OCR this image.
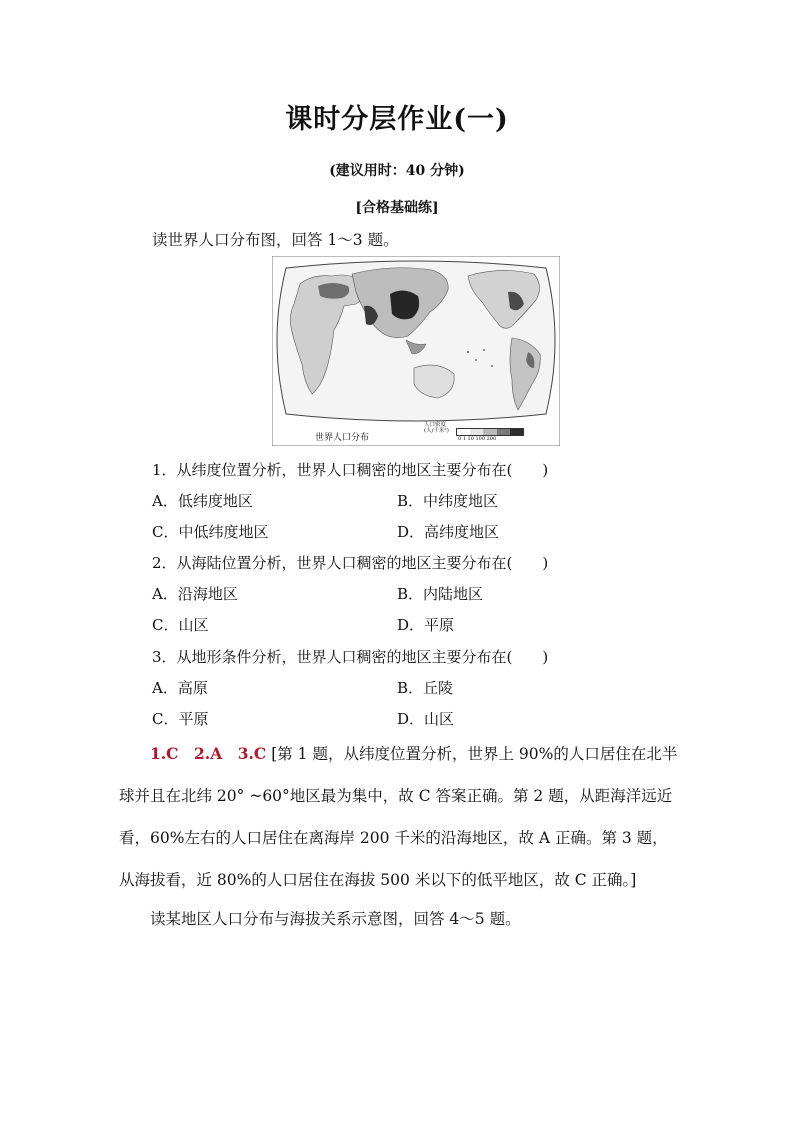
课时分层作业(一)
(建议用时：40 分钟)
[合格基础练]
读世界人口分布图，回答 1～3 题。
世界人口分布
人口密度
(人/千米²)
0 1 10 100 200
1．从纬度位置分析，世界人口稠密的地区主要分布在(　　)
A．低纬度地区	B．中纬度地区
C．中低纬度地区	D．高纬度地区
2．从海陆位置分析，世界人口稠密的地区主要分布在(　　)
A．沿海地区	B．内陆地区
C．山区	D．平原
3．从地形条件分析，世界人口稠密的地区主要分布在(　　)
A．高原	B．丘陵
C．平原	D．山区
1.C　2.A　3.C [第 1 题，从纬度位置分析，世界上 90%的人口居住在北半
球并且在北纬 20° ~60°地区最为集中，故 C 答案正确。第 2 题，从距海洋远近
看，60%左右的人口居住在离海岸 200 千米的沿海地区，故 A 正确。第 3 题，
从海拔看，近 80%的人口居住在海拔 500 米以下的低平地区，故 C 正确。]
读某地区人口分布与海拔关系示意图，回答 4～5 题。
